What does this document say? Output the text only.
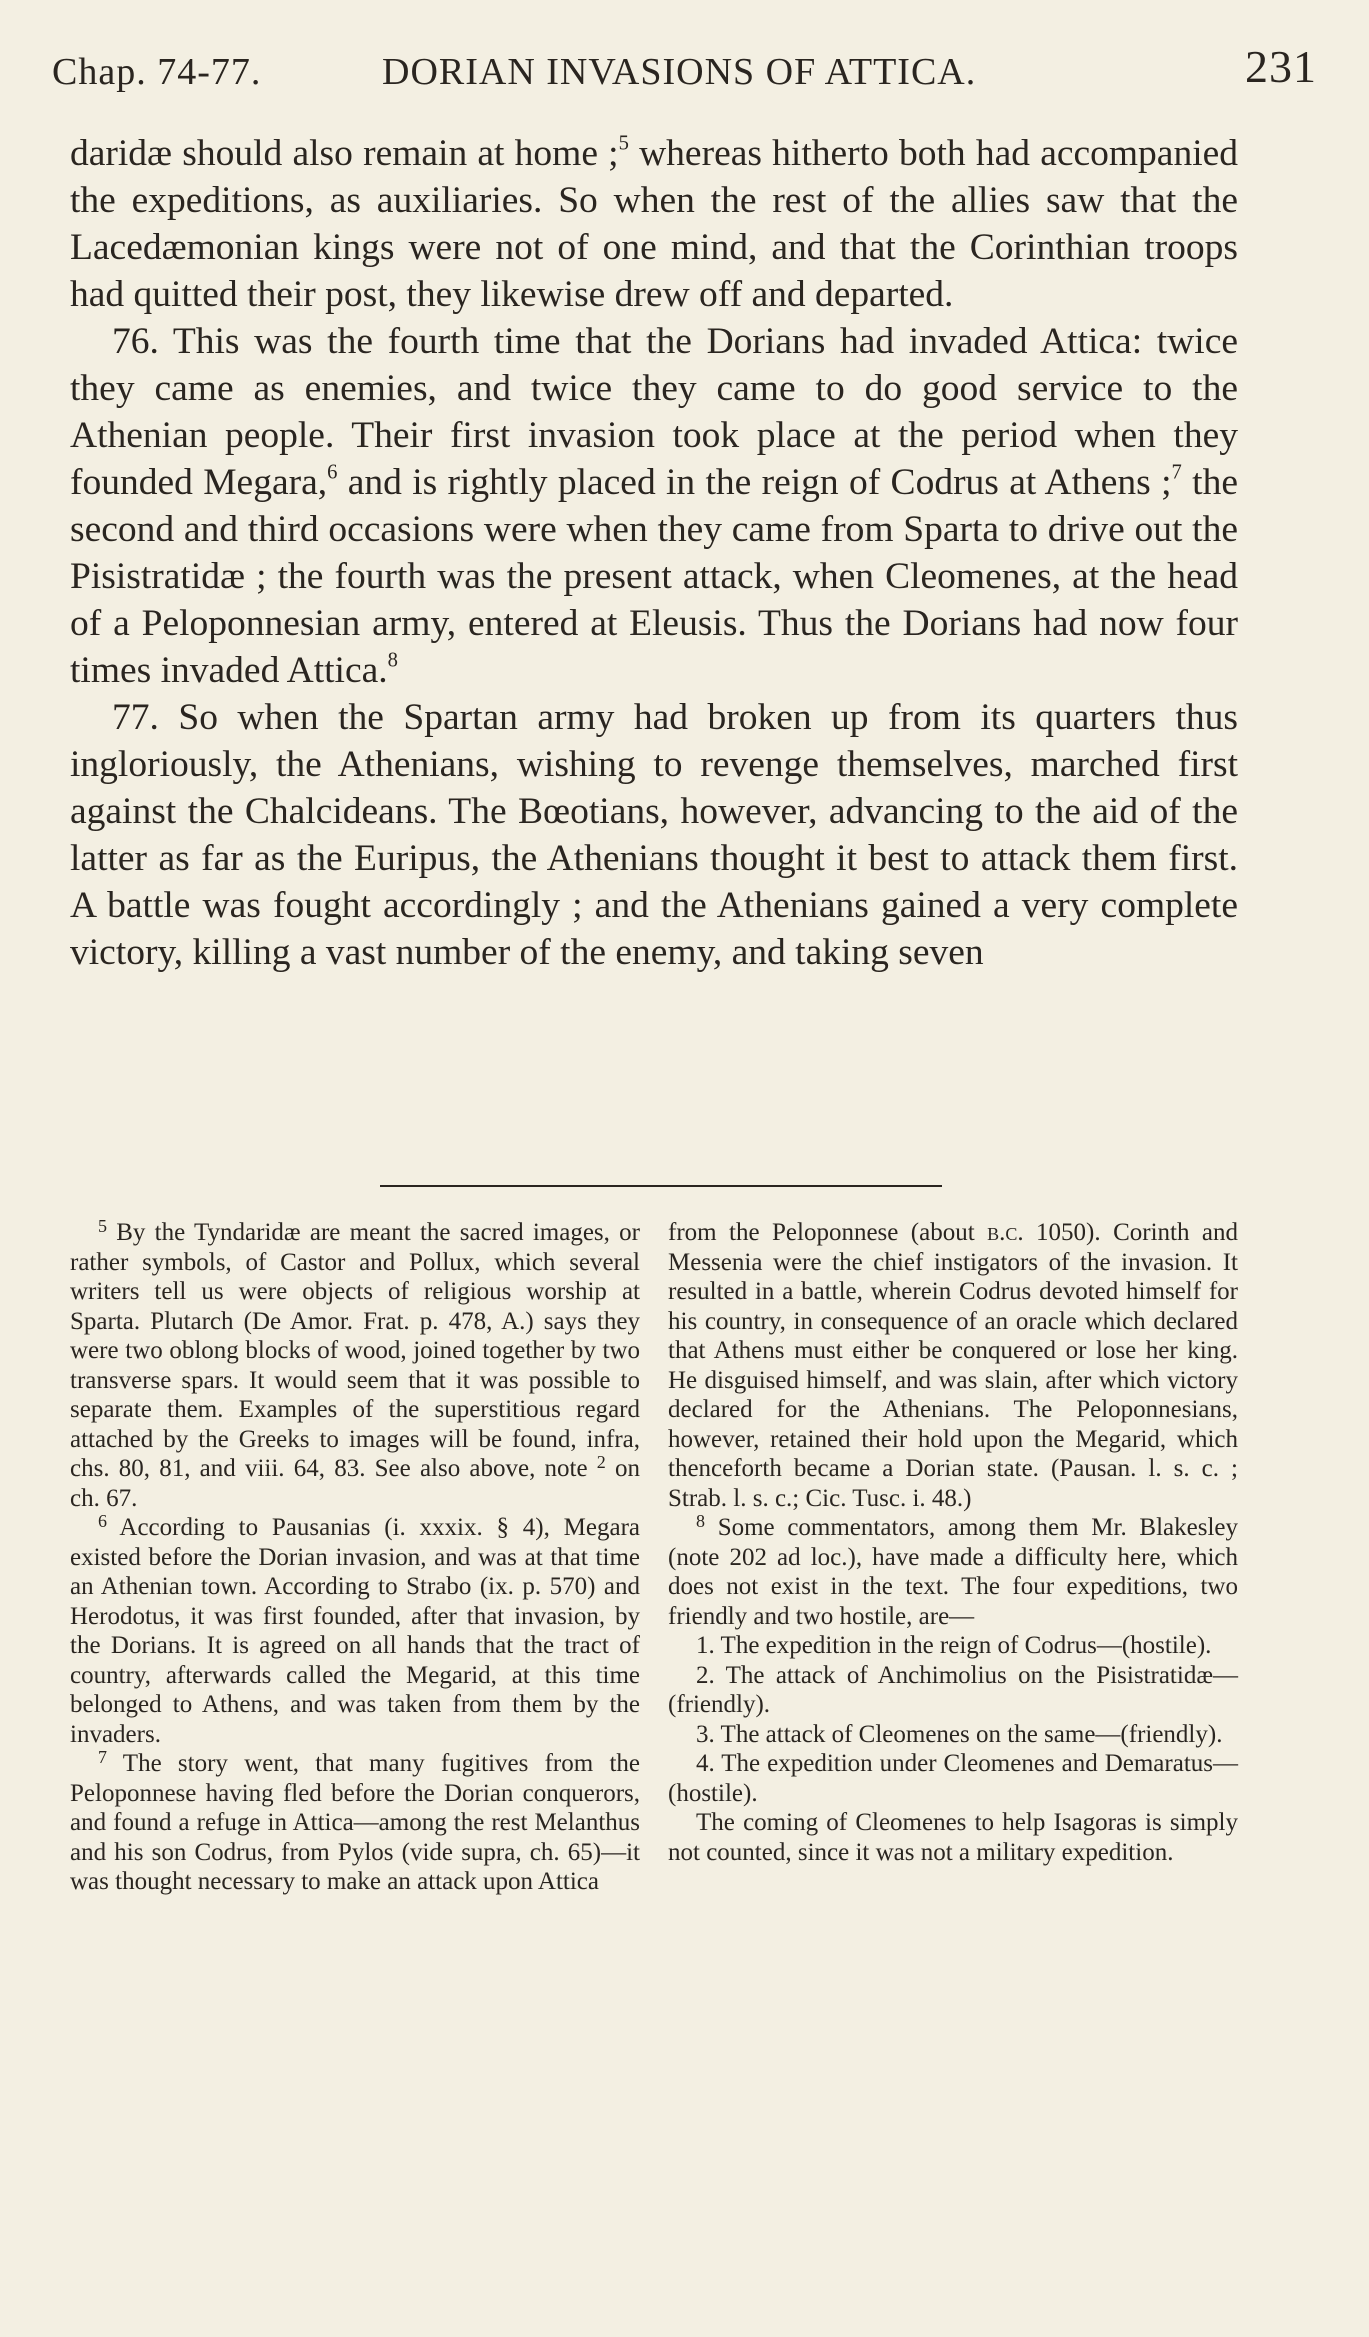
Chap. 74-77.	DORIAN INVASIONS OF ATTICA.	231

daridæ should also remain at home ;$^5$ whereas hitherto both had accompanied the expeditions, as auxiliaries. So when the rest of the allies saw that the Lacedæmonian kings were not of one mind, and that the Corinthian troops had quitted their post, they likewise drew off and departed.

76. This was the fourth time that the Dorians had invaded Attica: twice they came as enemies, and twice they came to do good service to the Athenian people. Their first invasion took place at the period when they founded Megara,$^6$ and is rightly placed in the reign of Codrus at Athens ;$^7$ the second and third occasions were when they came from Sparta to drive out the Pisistratidæ ; the fourth was the present attack, when Cleomenes, at the head of a Peloponnesian army, entered at Eleusis. Thus the Dorians had now four times invaded Attica.$^8$

77. So when the Spartan army had broken up from its quarters thus ingloriously, the Athenians, wishing to revenge themselves, marched first against the Chalcideans. The Bœotians, however, advancing to the aid of the latter as far as the Euripus, the Athenians thought it best to attack them first. A battle was fought accordingly ; and the Athenians gained a very complete victory, killing a vast number of the enemy, and taking seven

$^5$ By the Tyndaridæ are meant the sacred images, or rather symbols, of Castor and Pollux, which several writers tell us were objects of religious worship at Sparta. Plutarch (De Amor. Frat. p. 478, A.) says they were two oblong blocks of wood, joined together by two transverse spars. It would seem that it was possible to separate them. Examples of the superstitious regard attached by the Greeks to images will be found, infra, chs. 80, 81, and viii. 64, 83. See also above, note $^2$ on ch. 67.

$^6$ According to Pausanias (i. xxxix. § 4), Megara existed before the Dorian invasion, and was at that time an Athenian town. According to Strabo (ix. p. 570) and Herodotus, it was first founded, after that invasion, by the Dorians. It is agreed on all hands that the tract of country, afterwards called the Megarid, at this time belonged to Athens, and was taken from them by the invaders.

$^7$ The story went, that many fugitives from the Peloponnese having fled before the Dorian conquerors, and found a refuge in Attica—among the rest Melanthus and his son Codrus, from Pylos (vide supra, ch. 65)—it was thought necessary to make an attack upon Attica

from the Peloponnese (about b.c. 1050). Corinth and Messenia were the chief instigators of the invasion. It resulted in a battle, wherein Codrus devoted himself for his country, in consequence of an oracle which declared that Athens must either be conquered or lose her king. He disguised himself, and was slain, after which victory declared for the Athenians. The Peloponnesians, however, retained their hold upon the Megarid, which thenceforth became a Dorian state. (Pausan. l. s. c. ; Strab. l. s. c.; Cic. Tusc. i. 48.)

$^8$ Some commentators, among them Mr. Blakesley (note 202 ad loc.), have made a difficulty here, which does not exist in the text. The four expeditions, two friendly and two hostile, are—

1. The expedition in the reign of Codrus—(hostile).

2. The attack of Anchimolius on the Pisistratidæ—(friendly).

3. The attack of Cleomenes on the same—(friendly).

4. The expedition under Cleomenes and Demaratus—(hostile).

The coming of Cleomenes to help Isagoras is simply not counted, since it was not a military expedition.
